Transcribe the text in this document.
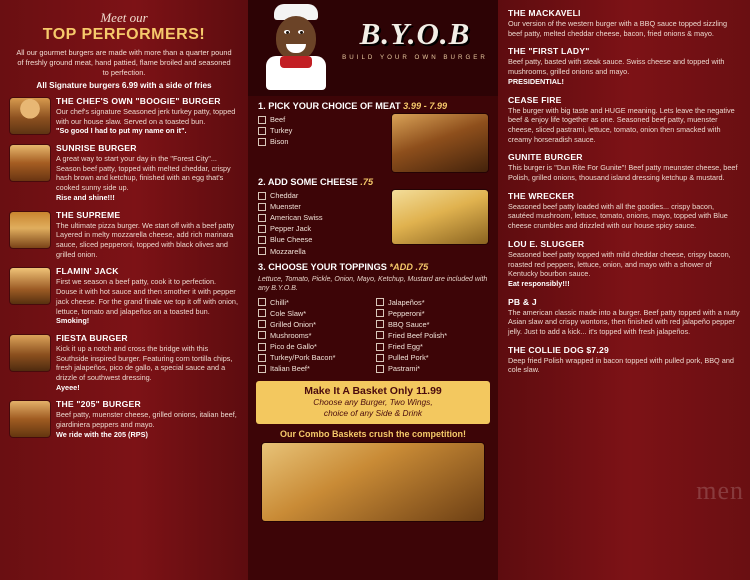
Meet our
TOP PERFORMERS!
All our gourmet burgers are made with more than a quarter pound of freshly ground meat, hand pattied, flame broiled and seasoned to perfection.
All Signature burgers 6.99 with a side of fries
THE CHEF'S OWN "BOOGIE" BURGER
Our chef's signature Seasoned jerk turkey patty, topped with our house slaw. Served on a toasted bun.
"So good I had to put my name on it".
SUNRISE BURGER
A great way to start your day in the "Forest City"... Season beef patty, topped with melted cheddar, crispy hash brown and ketchup, finished with an egg that's cooked sunny side up.
Rise and shine!!!
THE SUPREME
The ultimate pizza burger. We start off with a beef patty Layered in melty mozzarella cheese, add rich marinara sauce, sliced pepperoni, topped with black olives and grilled onion.
FLAMIN' JACK
First we season a beef patty, cook it to perfection. Douse it with hot sauce and then smother it with pepper jack cheese. For the grand finale we top it off with onion, lettuce, tomato and jalapeños on a toasted bun.
Smoking!
FIESTA BURGER
Kick it up a notch and cross the bridge with this Southside inspired burger. Featuring corn tortilla chips, fresh jalapeños, pico de gallo, a special sauce and a drizzle of southwest dressing.
Ayeee!
THE "205" BURGER
Beef patty, muenster cheese, grilled onions, italian beef, giardiniera peppers and mayo.
We ride with the 205 (RPS)
B.Y.O.B
BUILD YOUR OWN BURGER
1. PICK YOUR CHOICE OF MEAT 3.99 - 7.99
Beef
Turkey
Bison
2. ADD SOME CHEESE .75
Cheddar
Muenster
American Swiss
Pepper Jack
Blue Cheese
Mozzarella
3. CHOOSE YOUR TOPPINGS *ADD .75
Lettuce, Tomato, Pickle, Onion, Mayo, Ketchup, Mustard are included with any B.Y.O.B.
Chilli*
Cole Slaw*
Grilled Onion*
Mushrooms*
Pico de Gallo*
Turkey/Pork Bacon*
Italian Beef*
Jalapeños*
Pepperoni*
BBQ Sauce*
Fried Beef Polish*
Fried Egg*
Pulled Pork*
Pastrami*
Make It A Basket Only 11.99
Choose any Burger, Two Wings,
choice of any Side & Drink
Our Combo Baskets crush the competition!
THE MACKAVELI
Our version of the western burger with a BBQ sauce topped sizzling beef patty, melted cheddar cheese, bacon, fried onions & mayo.
THE "FIRST LADY"
Beef patty, basted with steak sauce. Swiss cheese and topped with mushrooms, grilled onions and mayo.
PRESIDENTIAL!
CEASE FIRE
The burger with big taste and HUGE meaning. Lets leave the negative beef & enjoy life together as one. Seasoned beef patty, muenster cheese, sliced pastrami, lettuce, tomato, onion then smacked with creamy horseradish sauce.
GUNITE BURGER
This burger is "Dun Rite For Gunite"! Beef patty meunster cheese, beef Polish, grilled onions, thousand island dressing ketchup & mustard.
THE WRECKER
Seasoned beef patty loaded with all the goodies... crispy bacon, sautéed mushroom, lettuce, tomato, onions, mayo, topped with Blue cheese crumbles and drizzled with our house spicy sauce.
LOU E. SLUGGER
Seasoned beef patty topped with mild cheddar cheese, crispy bacon, roasted red peppers, lettuce, onion, and mayo with a shower of Kentucky bourbon sauce.
Eat responsibly!!!
PB & J
The american classic made into a burger. Beef patty topped with a nutty Asian slaw and crispy wontons, then finished with red jalapeño pepper jelly. Just to add a kick... it's topped with fresh jalapeños.
THE COLLIE DOG $7.29
Deep fried Polish wrapped in bacon topped with pulled pork, BBQ and cole slaw.
men
